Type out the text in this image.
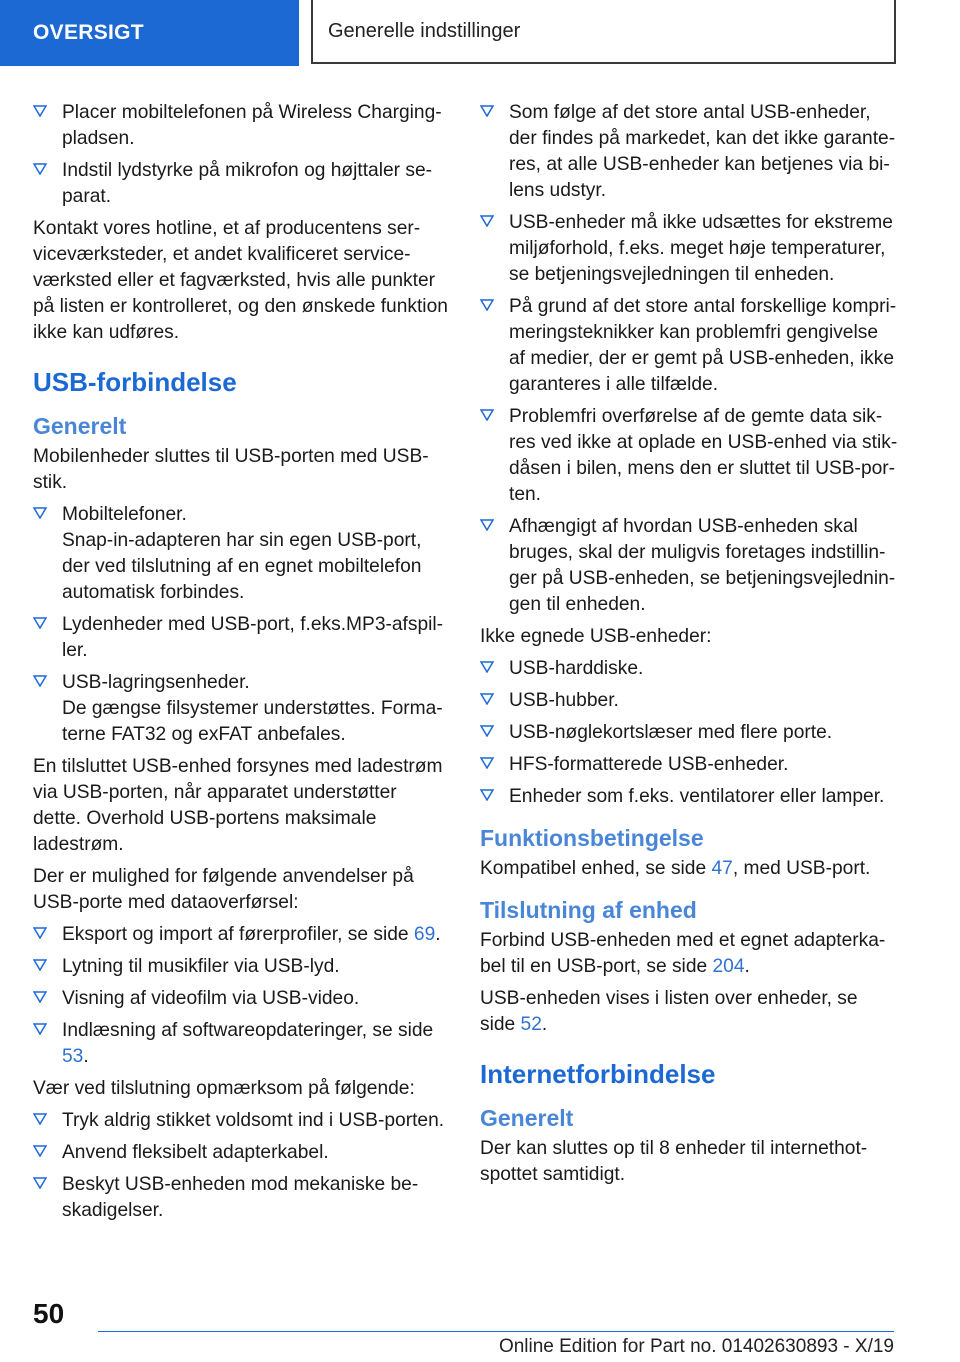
OVERSIGT	Generelle indstillinger
Placer mobiltelefonen på Wireless Charging-pladsen.
Indstil lydstyrke på mikrofon og højttaler se-parat.

Kontakt vores hotline, et af producentens ser-viceværksteder, et andet kvalificeret service-værksted eller et fagværksted, hvis alle punkter på listen er kontrolleret, og den ønskede funktion ikke kan udføres.

USB-forbindelse
Generelt

Mobilenheder sluttes til USB-porten med USB-stik.

Mobiltelefoner.
Snap-in-adapteren har sin egen USB-port, der ved tilslutning af en egnet mobiltelefon automatisk forbindes.
Lydenheder med USB-port, f.eks.MP3-afspil-ler.
USB-lagringsenheder.
De gængse filsystemer understøttes. Forma-terne FAT32 og exFAT anbefales.

En tilsluttet USB-enhed forsynes med ladestrøm via USB-porten, når apparatet understøtter dette. Overhold USB-portens maksimale ladestrøm.

Der er mulighed for følgende anvendelser på USB-porte med dataoverførsel:

Eksport og import af førerprofiler, se side 69.
Lytning til musikfiler via USB-lyd.
Visning af videofilm via USB-video.
Indlæsning af softwareopdateringer, se side 53.

Vær ved tilslutning opmærksom på følgende:

Tryk aldrig stikket voldsomt ind i USB-porten.
Anvend fleksibelt adapterkabel.
Beskyt USB-enheden mod mekaniske be-skadigelser.
Som følge af det store antal USB-enheder, der findes på markedet, kan det ikke garante-res, at alle USB-enheder kan betjenes via bi-lens udstyr.
USB-enheder må ikke udsættes for ekstreme miljøforhold, f.eks. meget høje temperaturer, se betjeningsvejledningen til enheden.
På grund af det store antal forskellige kompri-meringsteknikker kan problemfri gengivelse af medier, der er gemt på USB-enheden, ikke garanteres i alle tilfælde.
Problemfri overførelse af de gemte data sik-res ved ikke at oplade en USB-enhed via stik-dåsen i bilen, mens den er sluttet til USB-por-ten.
Afhængigt af hvordan USB-enheden skal bruges, skal der muligvis foretages indstillin-ger på USB-enheden, se betjeningsvejlednin-gen til enheden.

Ikke egnede USB-enheder:

USB-harddiske.
USB-hubber.
USB-nøglekortslæser med flere porte.
HFS-formatterede USB-enheder.
Enheder som f.eks. ventilatorer eller lamper.
Funktionsbetingelse

Kompatibel enhed, se side 47, med USB-port.

Tilslutning af enhed

Forbind USB-enheden med et egnet adapterka-bel til en USB-port, se side 204.

USB-enheden vises i listen over enheder, se side 52.

Internetforbindelse
Generelt

Der kan sluttes op til 8 enheder til internethot-spottet samtidigt.

50
Online Edition for Part no. 01402630893 - X/19
